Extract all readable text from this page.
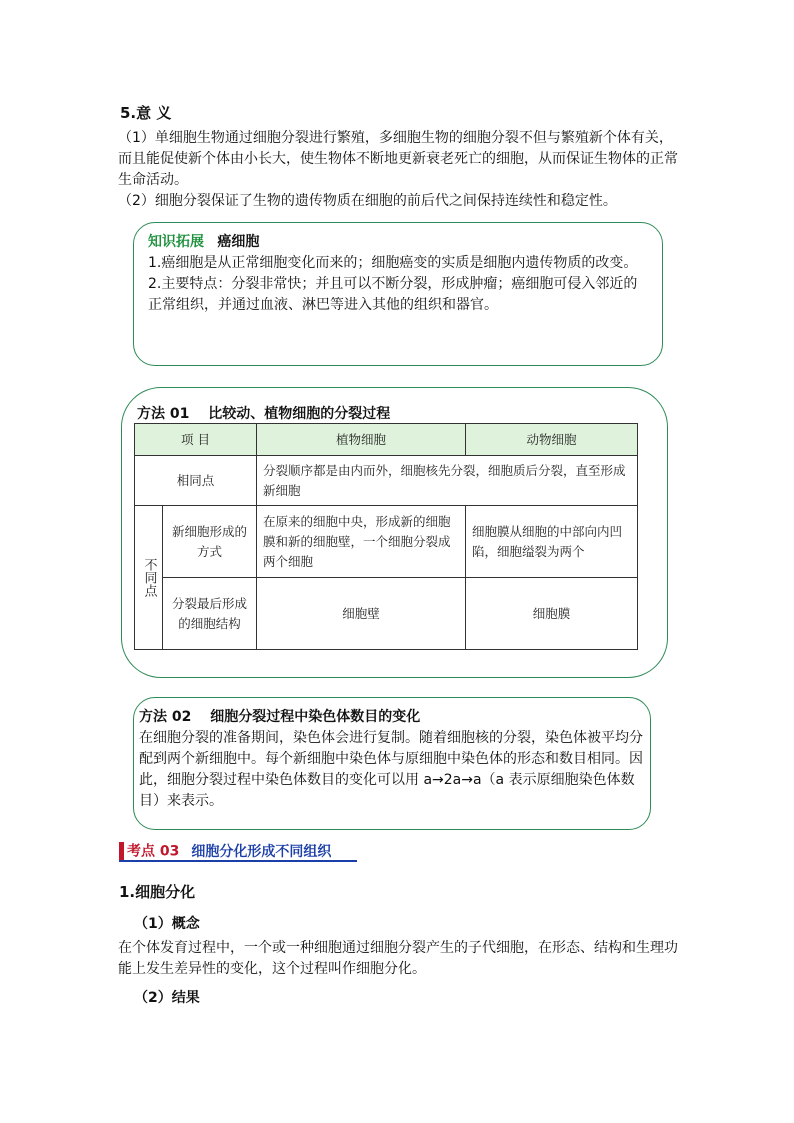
5.意 义

（1）单细胞生物通过细胞分裂进行繁殖，多细胞生物的细胞分裂不但与繁殖新个体有关，而且能促使新个体由小长大，使生物体不断地更新衰老死亡的细胞，从而保证生物体的正常生命活动。

（2）细胞分裂保证了生物的遗传物质在细胞的前后代之间保持连续性和稳定性。

知识拓展 癌细胞

1.癌细胞是从正常细胞变化而来的；细胞癌变的实质是细胞内遗传物质的改变。

2.主要特点：分裂非常快；并且可以不断分裂，形成肿瘤；癌细胞可侵入邻近的正常组织，并通过血液、淋巴等进入其他的组织和器官。

方法 01　 比较动、植物细胞的分裂过程
项 目		植物细胞	动物细胞
相同点		分裂顺序都是由内而外，细胞核先分裂，细胞质后分裂，直至形成新细胞	

不同点	新细胞形成的方式	在原来的细胞中央，形成新的细胞膜和新的细胞壁，一个细胞分裂成两个细胞	细胞膜从细胞的中部向内凹陷，细胞缢裂为两个
	分裂最后形成的细胞结构	细胞壁	细胞膜

方法 02　 细胞分裂过程中染色体数目的变化

在细胞分裂的准备期间，染色体会进行复制。随着细胞核的分裂，染色体被平均分配到两个新细胞中。每个新细胞中染色体与原细胞中染色体的形态和数目相同。因此，细胞分裂过程中染色体数目的变化可以用 a→2a→a（a 表示原细胞染色体数目）来表示。

考点 03 细胞分化形成不同组织
1.细胞分化
（1）概念

在个体发育过程中，一个或一种细胞通过细胞分裂产生的子代细胞，在形态、结构和生理功能上发生差异性的变化，这个过程叫作细胞分化。

（2）结果
